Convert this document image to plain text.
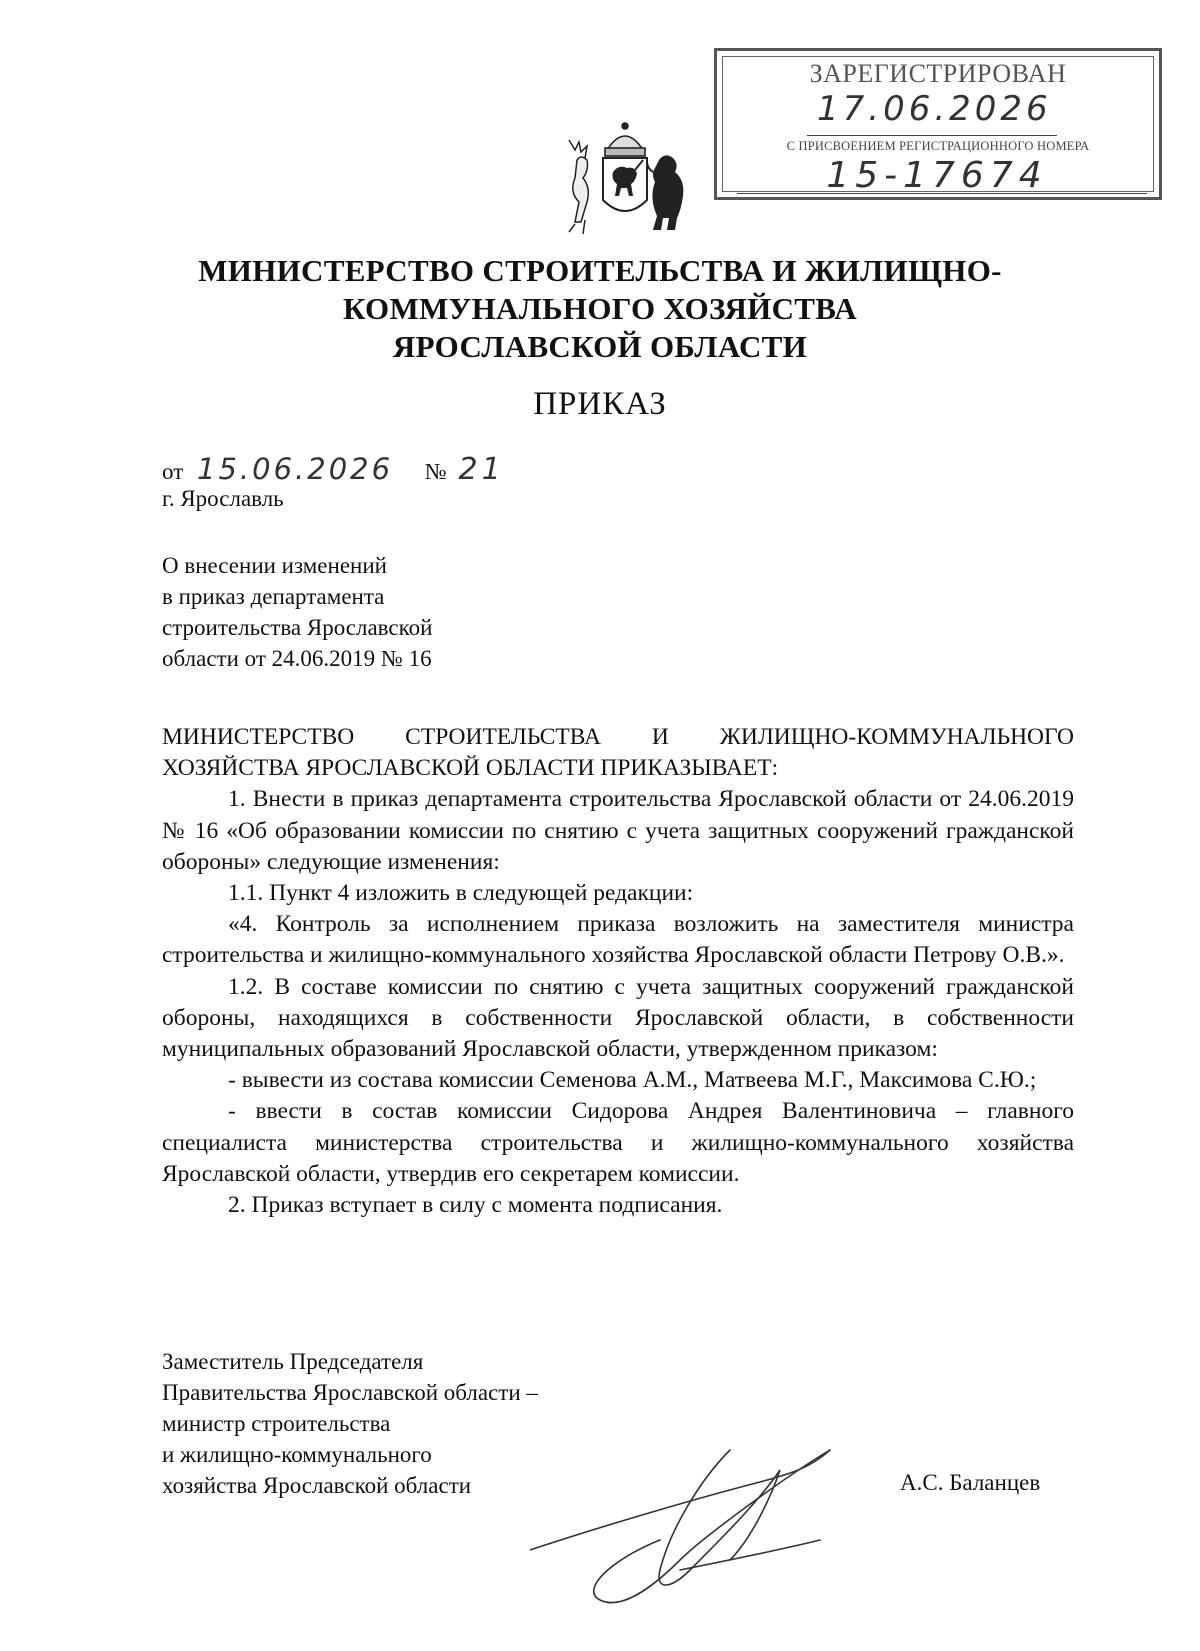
ЗАРЕГИСТРИРОВАН
17.06.2026
С ПРИСВОЕНИЕМ РЕГИСТРАЦИОННОГО НОМЕРА
15-17674
МИНИСТЕРСТВО СТРОИТЕЛЬСТВА И ЖИЛИЩНО-
КОММУНАЛЬНОГО ХОЗЯЙСТВА
ЯРОСЛАВСКОЙ ОБЛАСТИ
ПРИКАЗ
от 15.06.2026 № 21
г. Ярославль
О внесении изменений
в приказ департамента
строительства Ярославской
области от 24.06.2019 № 16

МИНИСТЕРСТВО СТРОИТЕЛЬСТВА И ЖИЛИЩНО-КОММУНАЛЬНОГО ХОЗЯЙСТВА ЯРОСЛАВСКОЙ ОБЛАСТИ ПРИКАЗЫВАЕТ:

1. Внести в приказ департамента строительства Ярославской области от 24.06.2019 № 16 «Об образовании комиссии по снятию с учета защитных сооружений гражданской обороны» следующие изменения:

1.1. Пункт 4 изложить в следующей редакции:

«4. Контроль за исполнением приказа возложить на заместителя министра строительства и жилищно-коммунального хозяйства Ярославской области Петрову О.В.».

1.2. В составе комиссии по снятию с учета защитных сооружений гражданской обороны, находящихся в собственности Ярославской области, в собственности муниципальных образований Ярославской области, утвержденном приказом:

- вывести из состава комиссии Семенова А.М., Матвеева М.Г., Максимова С.Ю.;

- ввести в состав комиссии Сидорова Андрея Валентиновича – главного специалиста министерства строительства и жилищно-коммунального хозяйства Ярославской области, утвердив его секретарем комиссии.

2. Приказ вступает в силу с момента подписания.

Заместитель Председателя
Правительства Ярославской области –
министр строительства
и жилищно-коммунального
хозяйства Ярославской области	А.С. Баланцев
